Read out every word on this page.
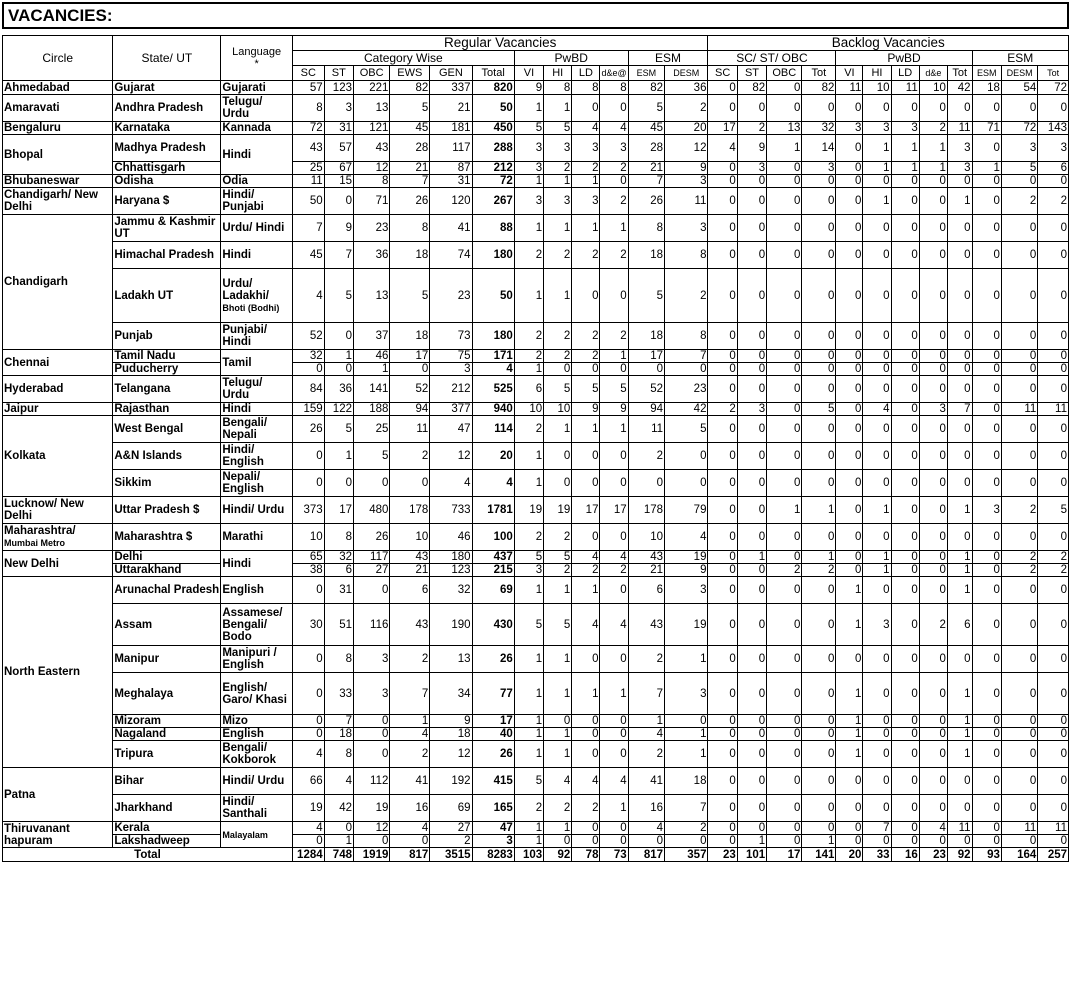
VACANCIES:
Circle	State/ UT	Language
*	Regular Vacancies												Backlog Vacancies											
			Category Wise						PwBD				ESM		SC/ ST/ OBC				PwBD					ESM		
			SC	ST	OBC	EWS	GEN	Total	VI	HI	LD	d&e@	ESM	DESM	SC	ST	OBC	Tot	VI	HI	LD	d&e	Tot	ESM	DESM	Tot
Ahmedabad	Gujarat	Gujarati	57	123	221	82	337	820	9	8	8	8	82	36	0	82	0	82	11	10	11	10	42	18	54	72
Amaravati	Andhra Pradesh	Telugu/ Urdu	8	3	13	5	21	50	1	1	0	0	5	2	0	0	0	0	0	0	0	0	0	0	0	0
Bengaluru	Karnataka	Kannada	72	31	121	45	181	450	5	5	4	4	45	20	17	2	13	32	3	3	3	2	11	71	72	143
Bhopal	Madhya Pradesh	Hindi	43	57	43	28	117	288	3	3	3	3	28	12	4	9	1	14	0	1	1	1	3	0	3	3
	Chhattisgarh		25	67	12	21	87	212	3	2	2	2	21	9	0	3	0	3	0	1	1	1	3	1	5	6
Bhubaneswar	Odisha	Odia	11	15	8	7	31	72	1	1	1	0	7	3	0	0	0	0	0	0	0	0	0	0	0	0
Chandigarh/ New Delhi	Haryana $	Hindi/ Punjabi	50	0	71	26	120	267	3	3	3	2	26	11	0	0	0	0	0	1	0	0	1	0	2	2
Chandigarh	Jammu & Kashmir UT	Urdu/ Hindi	7	9	23	8	41	88	1	1	1	1	8	3	0	0	0	0	0	0	0	0	0	0	0	0
	Himachal Pradesh	Hindi	45	7	36	18	74	180	2	2	2	2	18	8	0	0	0	0	0	0	0	0	0	0	0	0
	Ladakh UT	Urdu/ Ladakhi/
Bhoti (Bodhi)	4	5	13	5	23	50	1	1	0	0	5	2	0	0	0	0	0	0	0	0	0	0	0	0
	Punjab	Punjabi/ Hindi	52	0	37	18	73	180	2	2	2	2	18	8	0	0	0	0	0	0	0	0	0	0	0	0
Chennai	Tamil Nadu	Tamil	32	1	46	17	75	171	2	2	2	1	17	7	0	0	0	0	0	0	0	0	0	0	0	0
	Puducherry		0	0	1	0	3	4	1	0	0	0	0	0	0	0	0	0	0	0	0	0	0	0	0	0
Hyderabad	Telangana	Telugu/ Urdu	84	36	141	52	212	525	6	5	5	5	52	23	0	0	0	0	0	0	0	0	0	0	0	0
Jaipur	Rajasthan	Hindi	159	122	188	94	377	940	10	10	9	9	94	42	2	3	0	5	0	4	0	3	7	0	11	11
Kolkata	West Bengal	Bengali/ Nepali	26	5	25	11	47	114	2	1	1	1	11	5	0	0	0	0	0	0	0	0	0	0	0	0
	A&N Islands	Hindi/ English	0	1	5	2	12	20	1	0	0	0	2	0	0	0	0	0	0	0	0	0	0	0	0	0
	Sikkim	Nepali/ English	0	0	0	0	4	4	1	0	0	0	0	0	0	0	0	0	0	0	0	0	0	0	0	0
Lucknow/ New Delhi	Uttar Pradesh $	Hindi/ Urdu	373	17	480	178	733	1781	19	19	17	17	178	79	0	0	1	1	0	1	0	0	1	3	2	5
Maharashtra/
Mumbai Metro	Maharashtra $	Marathi	10	8	26	10	46	100	2	2	0	0	10	4	0	0	0	0	0	0	0	0	0	0	0	0
New Delhi	Delhi	Hindi	65	32	117	43	180	437	5	5	4	4	43	19	0	1	0	1	0	1	0	0	1	0	2	2
	Uttarakhand		38	6	27	21	123	215	3	2	2	2	21	9	0	0	2	2	0	1	0	0	1	0	2	2
North Eastern	Arunachal Pradesh	English	0	31	0	6	32	69	1	1	1	0	6	3	0	0	0	0	1	0	0	0	1	0	0	0
	Assam	Assamese/ Bengali/ Bodo	30	51	116	43	190	430	5	5	4	4	43	19	0	0	0	0	1	3	0	2	6	0	0	0
	Manipur	Manipuri / English	0	8	3	2	13	26	1	1	0	0	2	1	0	0	0	0	0	0	0	0	0	0	0	0
	Meghalaya	English/ Garo/ Khasi	0	33	3	7	34	77	1	1	1	1	7	3	0	0	0	0	1	0	0	0	1	0	0	0
	Mizoram	Mizo	0	7	0	1	9	17	1	0	0	0	1	0	0	0	0	0	1	0	0	0	1	0	0	0
	Nagaland	English	0	18	0	4	18	40	1	1	0	0	4	1	0	0	0	0	1	0	0	0	1	0	0	0
	Tripura	Bengali/ Kokborok	4	8	0	2	12	26	1	1	0	0	2	1	0	0	0	0	1	0	0	0	1	0	0	0
Patna	Bihar	Hindi/ Urdu	66	4	112	41	192	415	5	4	4	4	41	18	0	0	0	0	0	0	0	0	0	0	0	0
	Jharkhand	Hindi/ Santhali	19	42	19	16	69	165	2	2	2	1	16	7	0	0	0	0	0	0	0	0	0	0	0	0
Thiruvanant hapuram	Kerala	Malayalam	4	0	12	4	27	47	1	1	0	0	4	2	0	0	0	0	0	7	0	4	11	0	11	11
	Lakshadweep		0	1	0	0	2	3	1	0	0	0	0	0	0	1	0	1	0	0	0	0	0	0	0	0
Total			1284	748	1919	817	3515	8283	103	92	78	73	817	357	23	101	17	141	20	33	16	23	92	93	164	257
